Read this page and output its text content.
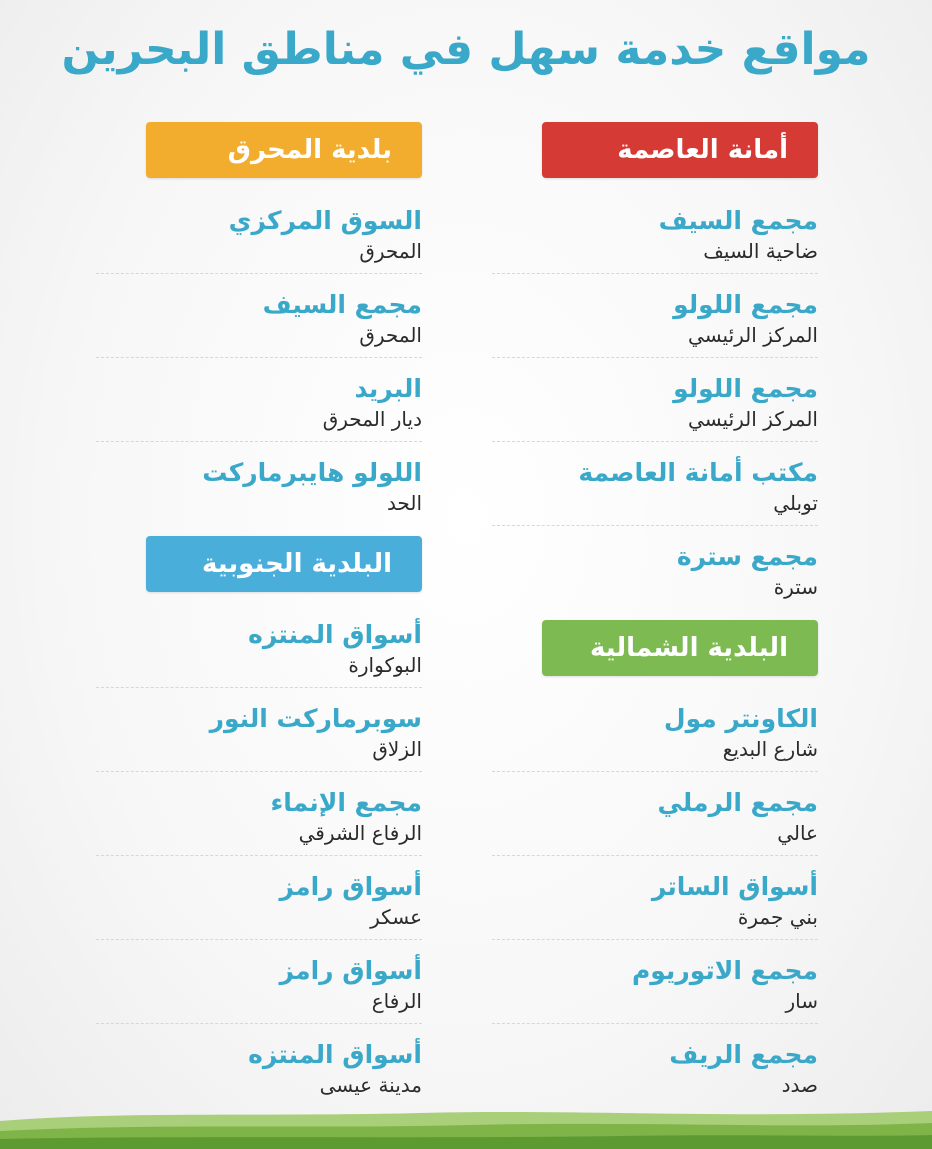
مواقع خدمة سهل في مناطق البحرين
أمانة العاصمة
مجمع السيف
ضاحية السيف
مجمع اللولو
المركز الرئيسي
مجمع اللولو
المركز الرئيسي
مكتب أمانة العاصمة
توبلي
مجمع سترة
سترة
البلدية الشمالية
الكاونتر مول
شارع البديع
مجمع الرملي
عالي
أسواق الساتر
بني جمرة
مجمع الاتوريوم
سار
مجمع الريف
صدد
بلدية المحرق
السوق المركزي
المحرق
مجمع السيف
المحرق
البريد
ديار المحرق
اللولو هايبرماركت
الحد
البلدية الجنوبية
أسواق المنتزه
البوكوارة
سوبرماركت النور
الزلاق
مجمع الإنماء
الرفاع الشرقي
أسواق رامز
عسكر
أسواق رامز
الرفاع
أسواق المنتزه
مدينة عيسى
